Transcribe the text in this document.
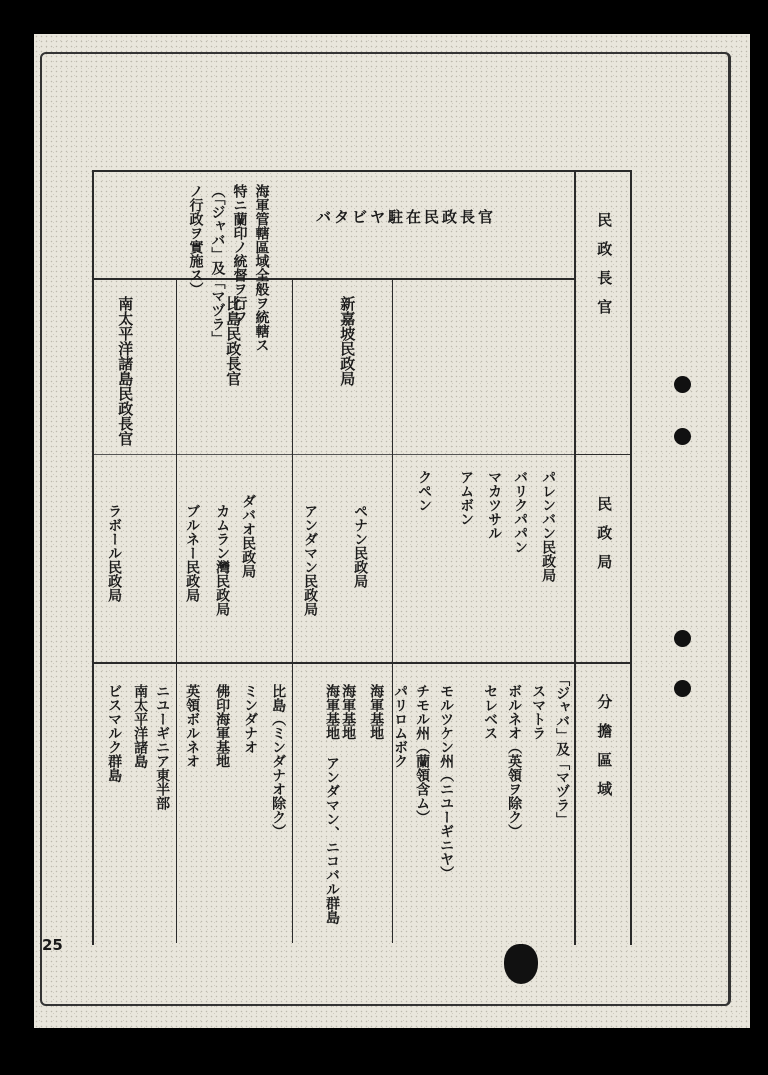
民政長官
民政局
分擔區域
バタビヤ駐在民政長官
海軍管轄區域全般ヲ統轄ス
特ニ蘭印ノ統督ヲ行フ
（「ジャバ」及「マヅラ」
ノ行政ヲ實施ス）
新嘉坡民政局
比島民政長官
南太平洋諸島民政長官
パレンバン民政局
バリクパパン
マカツサル
アムボン
クペン
ペナン民政局
アンダマン民政局
ダバオ民政局
カムラン灣民政局
ブルネー民政局
ラボール民政局
「ジャバ」及「マヅラ」
スマトラ
ボルネオ（英領ヲ除ク）
セレベス
モルツケン州（ニユーギニヤ）
チモル州（蘭領含ム）
パリロムボク
海軍基地
海軍基地
海軍基地 アンダマン、ニコバル群島
比島（ミンダナオ除ク）
ミンダナオ
佛印海軍基地
英領ボルネオ
ニユーギニア東半部
南太平洋諸島
ビスマルク群島
25
